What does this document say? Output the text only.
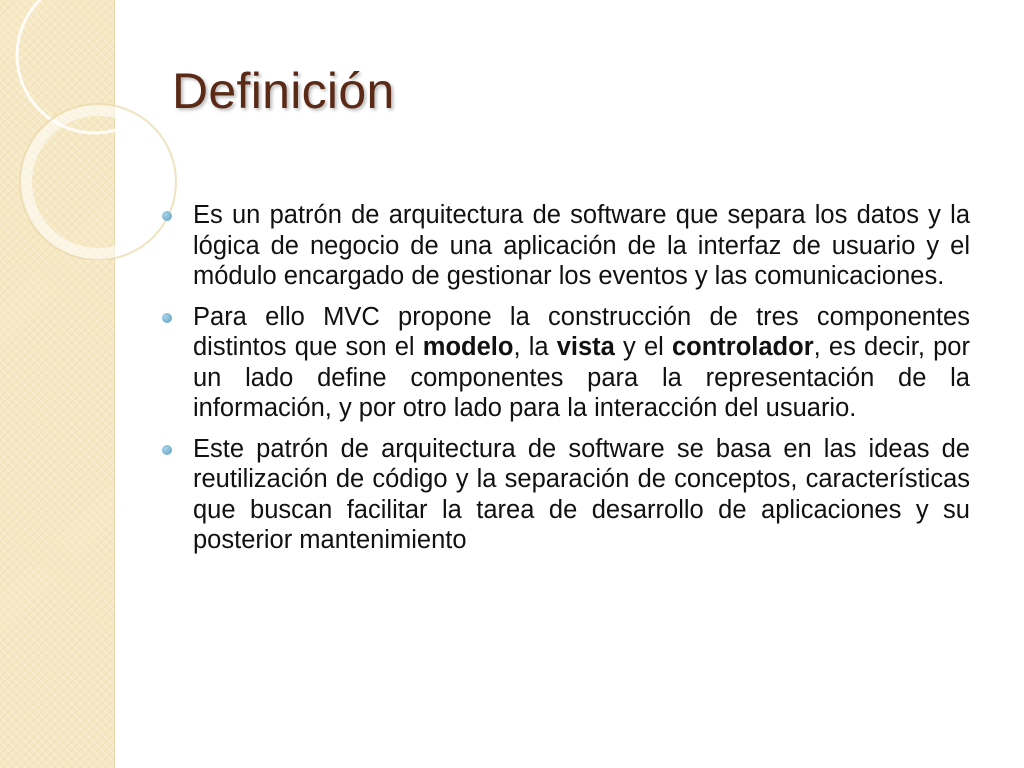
Definición
Es un patrón de arquitectura de software que separa los datos y la lógica de negocio de una aplicación de la interfaz de usuario y el módulo encargado de gestionar los eventos y las comunicaciones.
Para ello MVC propone la construcción de tres componentes distintos que son el modelo, la vista y el controlador, es decir, por un lado define componentes para la representación de la información, y por otro lado para la interacción del usuario.
Este patrón de arquitectura de software se basa en las ideas de reutilización de código y la separación de conceptos, características que buscan facilitar la tarea de desarrollo de aplicaciones y su posterior mantenimiento
